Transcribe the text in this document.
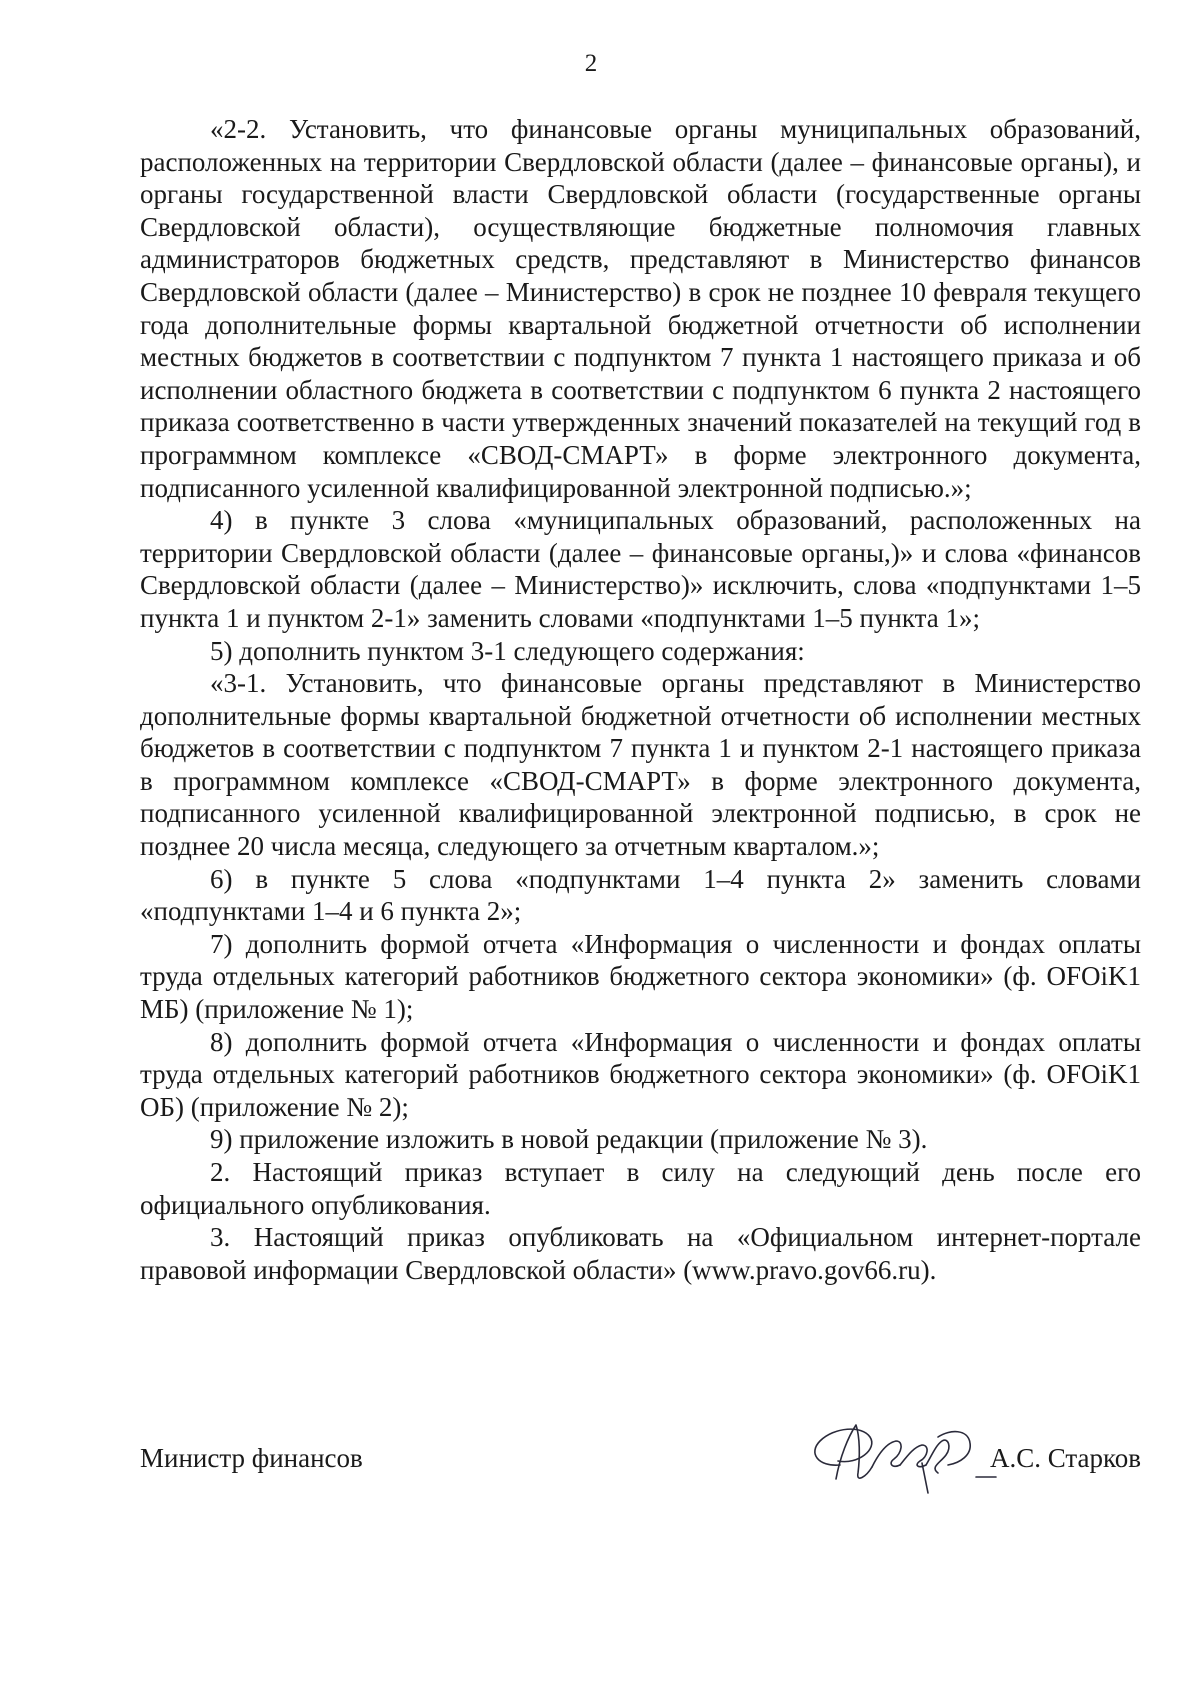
2

«2-2. Установить, что финансовые органы муниципальных образований, расположенных на территории Свердловской области (далее – финансовые органы), и органы государственной власти Свердловской области (государственные органы Свердловской области), осуществляющие бюджетные полномочия главных администраторов бюджетных средств, представляют в Министерство финансов Свердловской области (далее – Министерство) в срок не позднее 10 февраля текущего года дополнительные формы квартальной бюджетной отчетности об исполнении местных бюджетов в соответствии с подпунктом 7 пункта 1 настоящего приказа и об исполнении областного бюджета в соответствии с подпунктом 6 пункта 2 настоящего приказа соответственно в части утвержденных значений показателей на текущий год в программном комплексе «СВОД-СМАРТ» в форме электронного документа, подписанного усиленной квалифицированной электронной подписью.»;

4) в пункте 3 слова «муниципальных образований, расположенных на территории Свердловской области (далее – финансовые органы,)» и слова «финансов Свердловской области (далее – Министерство)» исключить, слова «подпунктами 1–5 пункта 1 и пунктом 2-1» заменить словами «подпунктами 1–5 пункта 1»;

5) дополнить пунктом 3-1 следующего содержания:

«3-1. Установить, что финансовые органы представляют в Министерство дополнительные формы квартальной бюджетной отчетности об исполнении местных бюджетов в соответствии с подпунктом 7 пункта 1 и пунктом 2-1 настоящего приказа в программном комплексе «СВОД-СМАРТ» в форме электронного документа, подписанного усиленной квалифицированной электронной подписью, в срок не позднее 20 числа месяца, следующего за отчетным кварталом.»;

6) в пункте 5 слова «подпунктами 1–4 пункта 2» заменить словами «подпунктами 1–4 и 6 пункта 2»;

7) дополнить формой отчета «Информация о численности и фондах оплаты труда отдельных категорий работников бюджетного сектора экономики» (ф. OFOiK1 МБ) (приложение № 1);

8) дополнить формой отчета «Информация о численности и фондах оплаты труда отдельных категорий работников бюджетного сектора экономики» (ф. OFOiK1 ОБ) (приложение № 2);

9) приложение изложить в новой редакции (приложение № 3).

2. Настоящий приказ вступает в силу на следующий день после его официального опубликования.

3. Настоящий приказ опубликовать на «Официальном интернет-портале правовой информации Свердловской области» (www.pravo.gov66.ru).

Министр финансов	А.С. Старков
